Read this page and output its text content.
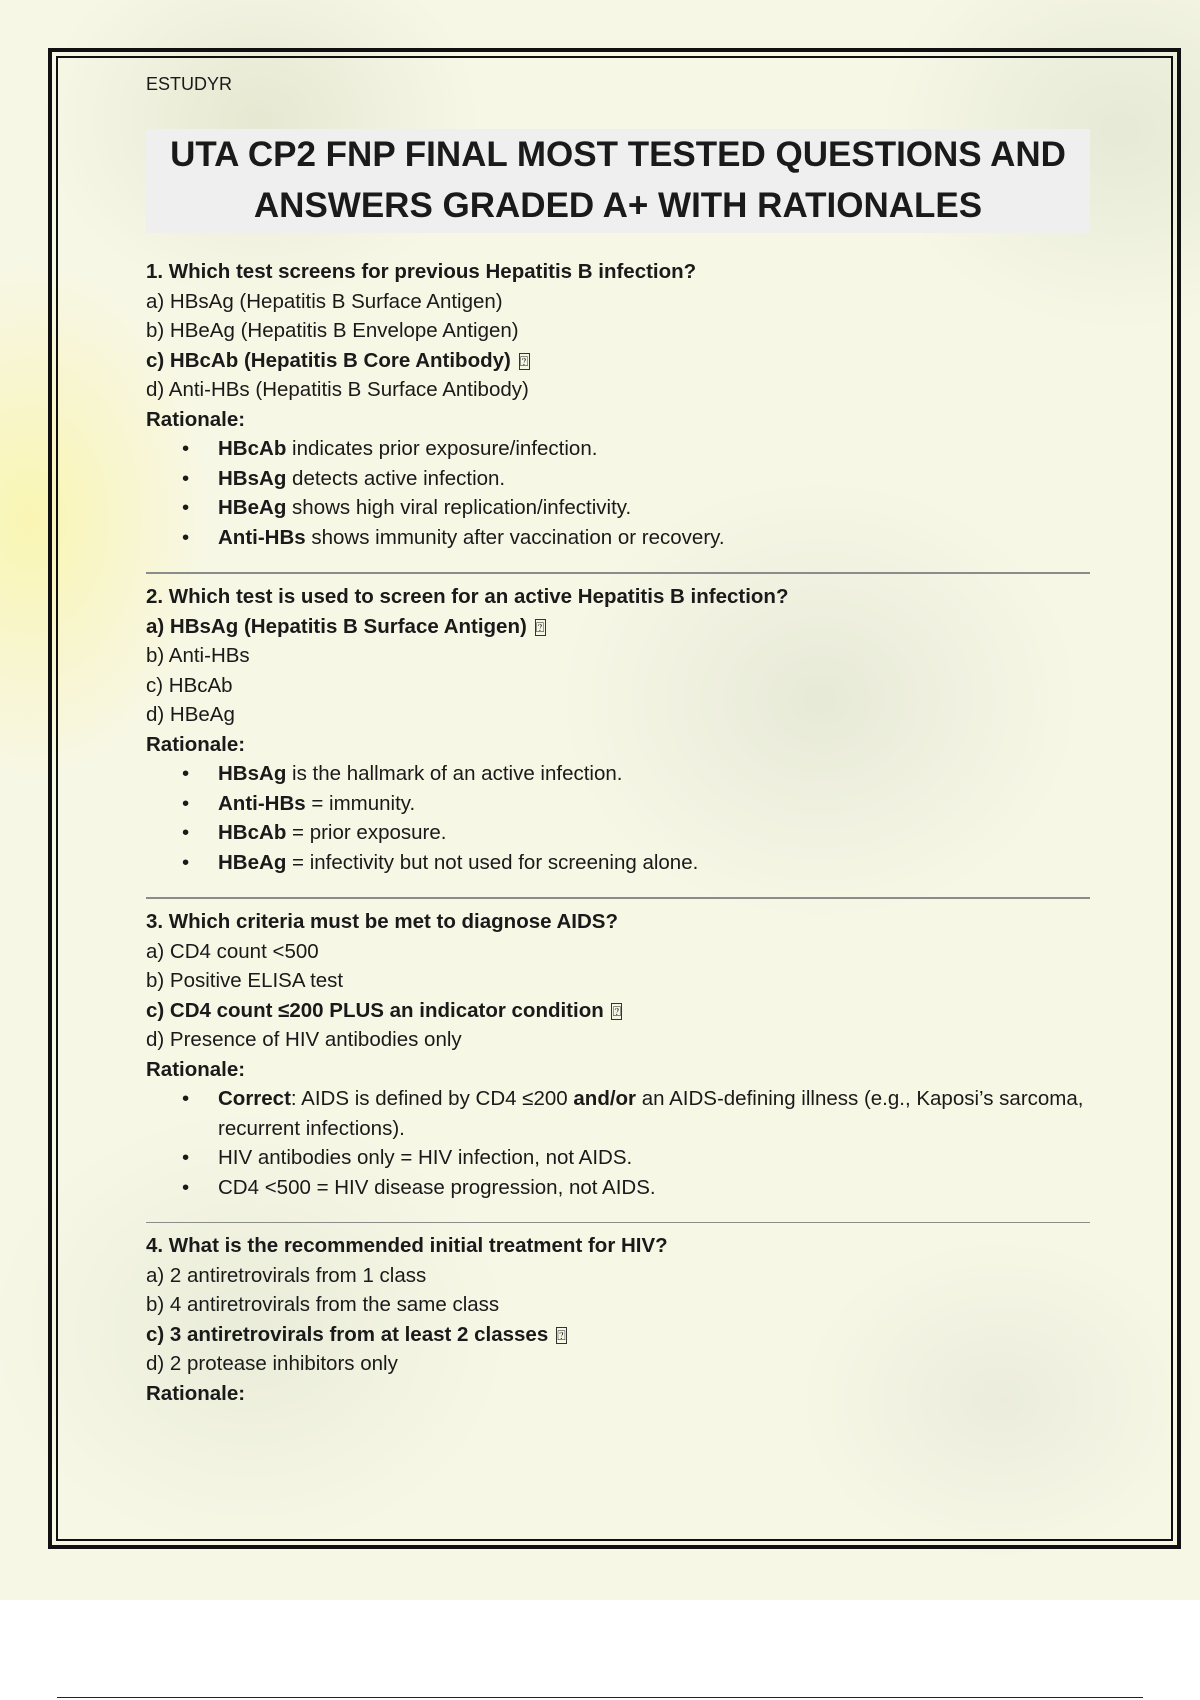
ESTUDYR
UTA CP2 FNP FINAL MOST TESTED QUESTIONS AND
ANSWERS GRADED A+ WITH RATIONALES
1. Which test screens for previous Hepatitis B infection?
a) HBsAg (Hepatitis B Surface Antigen)
b) HBeAg (Hepatitis B Envelope Antigen)
c) HBcAb (Hepatitis B Core Antibody) ⍰
d) Anti-HBs (Hepatitis B Surface Antibody)
Rationale:
• HBcAb indicates prior exposure/infection.
• HBsAg detects active infection.
• HBeAg shows high viral replication/infectivity.
• Anti-HBs shows immunity after vaccination or recovery.
2. Which test is used to screen for an active Hepatitis B infection?
a) HBsAg (Hepatitis B Surface Antigen) ⍰
b) Anti-HBs
c) HBcAb
d) HBeAg
Rationale:
• HBsAg is the hallmark of an active infection.
• Anti-HBs = immunity.
• HBcAb = prior exposure.
• HBeAg = infectivity but not used for screening alone.
3. Which criteria must be met to diagnose AIDS?
a) CD4 count <500
b) Positive ELISA test
c) CD4 count ≤200 PLUS an indicator condition ⍰
d) Presence of HIV antibodies only
Rationale:
• Correct: AIDS is defined by CD4 ≤200 and/or an AIDS-defining illness (e.g., Kaposi’s sarcoma, recurrent infections).
• HIV antibodies only = HIV infection, not AIDS.
• CD4 <500 = HIV disease progression, not AIDS.
4. What is the recommended initial treatment for HIV?
a) 2 antiretrovirals from 1 class
b) 4 antiretrovirals from the same class
c) 3 antiretrovirals from at least 2 classes ⍰
d) 2 protease inhibitors only
Rationale:
